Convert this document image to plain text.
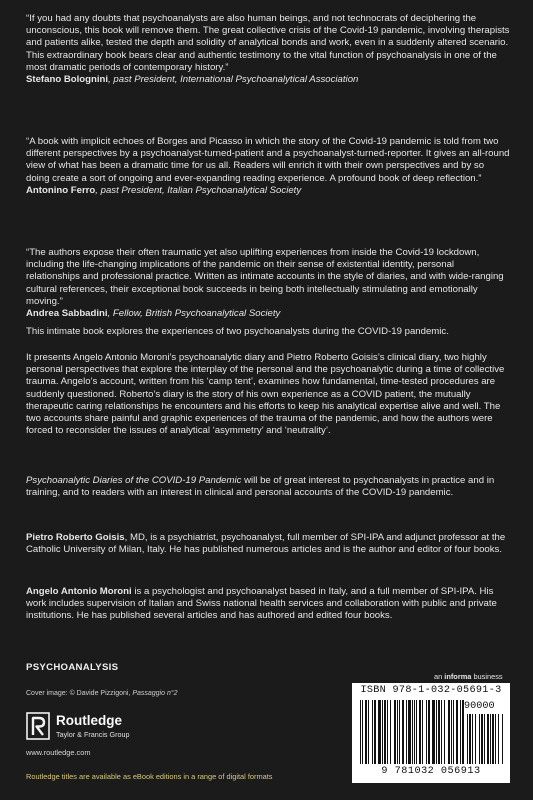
“If you had any doubts that psychoanalysts are also human beings, and not technocrats of deciphering the unconscious, this book will remove them. The great collective crisis of the Covid-19 pandemic, involving therapists and patients alike, tested the depth and solidity of analytical bonds and work, even in a suddenly altered scenario. This extraordinary book bears clear and authentic testimony to the vital function of psychoanalysis in one of the most dramatic periods of contemporary history.”

Stefano Bolognini, past President, International Psychoanalytical Association

“A book with implicit echoes of Borges and Picasso in which the story of the Covid-19 pandemic is told from two different perspectives by a psychoanalyst-turned-patient and a psychoanalyst-turned-reporter. It gives an all-round view of what has been a dramatic time for us all. Readers will enrich it with their own perspectives and by so doing create a sort of ongoing and ever-expanding reading experience. A profound book of deep reflection.”

Antonino Ferro, past President, Italian Psychoanalytical Society

“The authors expose their often traumatic yet also uplifting experiences from inside the Covid-19 lockdown, including the life-changing implications of the pandemic on their sense of existential identity, personal relationships and professional practice. Written as intimate accounts in the style of diaries, and with wide-ranging cultural references, their exceptional book succeeds in being both intellectually stimulating and emotionally moving.”

Andrea Sabbadini, Fellow, British Psychoanalytical Society

This intimate book explores the experiences of two psychoanalysts during the COVID-19 pandemic.

It presents Angelo Antonio Moroni’s psychoanalytic diary and Pietro Roberto Goisis’s clinical diary, two highly personal perspectives that explore the interplay of the personal and the psychoanalytic during a time of collective trauma. Angelo’s account, written from his ‘camp tent’, examines how fundamental, time-tested procedures are suddenly questioned. Roberto’s diary is the story of his own experience as a COVID patient, the mutually therapeutic caring relationships he encounters and his efforts to keep his analytical expertise alive and well. The two accounts share painful and graphic experiences of the trauma of the pandemic, and how the authors were forced to reconsider the issues of analytical ‘asymmetry’ and ‘neutrality’.

Psychoanalytic Diaries of the COVID-19 Pandemic will be of great interest to psychoanalysts in practice and in training, and to readers with an interest in clinical and personal accounts of the COVID-19 pandemic.

Pietro Roberto Goisis, MD, is a psychiatrist, psychoanalyst, full member of SPI-IPA and adjunct professor at the Catholic University of Milan, Italy. He has published numerous articles and is the author and editor of four books.

Angelo Antonio Moroni is a psychologist and psychoanalyst based in Italy, and a full member of SPI-IPA. His work includes supervision of Italian and Swiss national health services and collaboration with public and private institutions. He has published several articles and has authored and edited four books.

PSYCHOANALYSIS
Cover image: © Davide Pizzigoni, Passaggio n°2
Routledge
Taylor & Francis Group
www.routledge.com
Routledge titles are available as eBook editions in a range of digital formats
an informa business
ISBN 978-1-032-05691-3
90000
9 781032 056913
